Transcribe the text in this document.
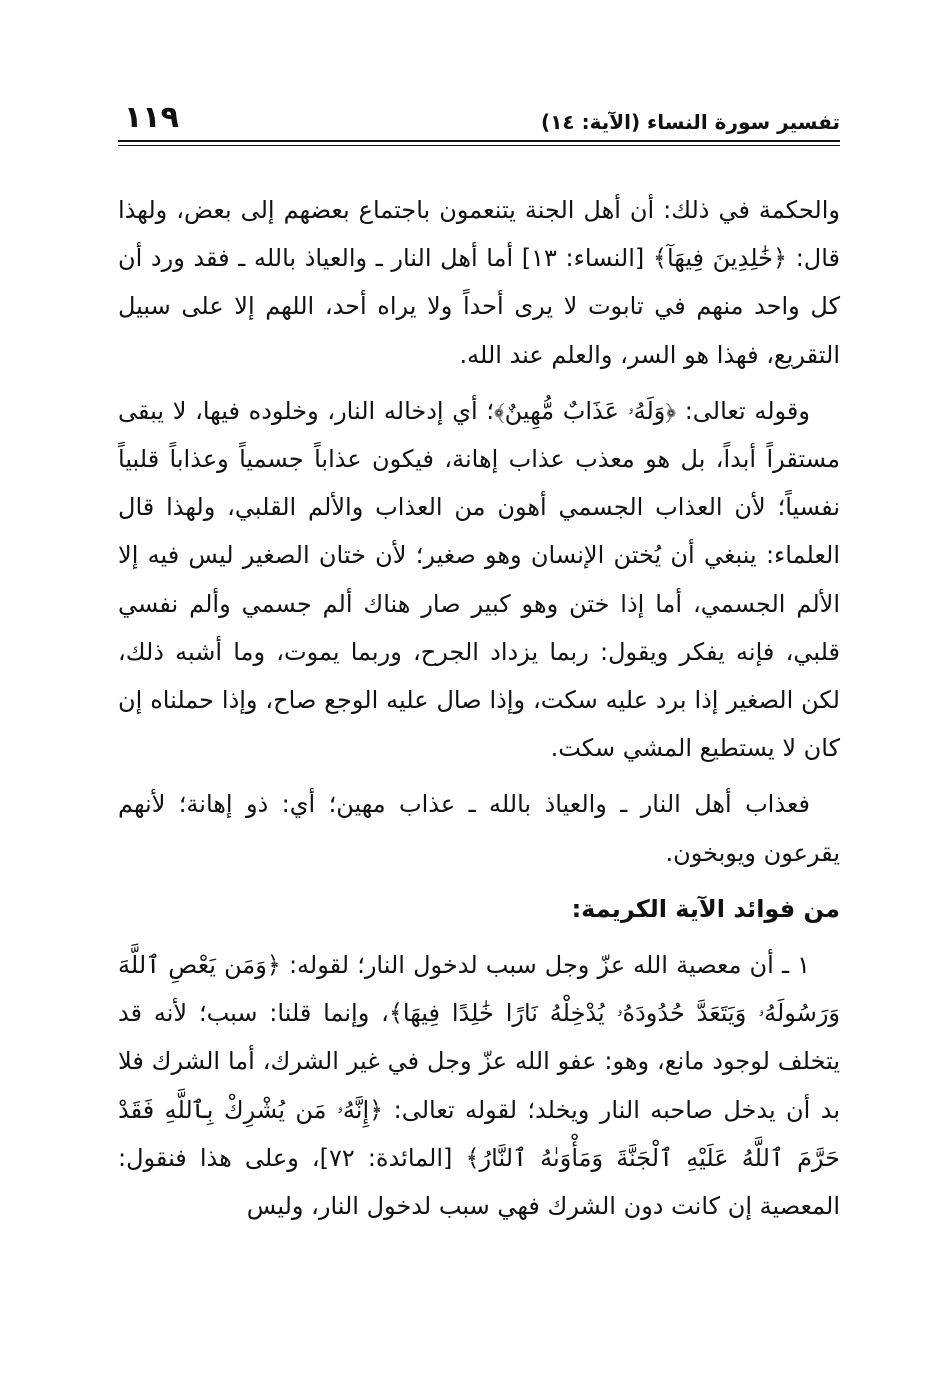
تفسير سورة النساء (الآية: ١٤)
١١٩

والحكمة في ذلك: أن أهل الجنة يتنعمون باجتماع بعضهم إلى بعض، ولهذا قال: ﴿خَٰلِدِينَ فِيهَآ﴾ [النساء: ١٣] أما أهل النار ـ والعياذ بالله ـ فقد ورد أن كل واحد منهم في تابوت لا يرى أحداً ولا يراه أحد، اللهم إلا على سبيل التقريع، فهذا هو السر، والعلم عند الله.

وقوله تعالى: ﴿وَلَهُۥ عَذَابٌ مُّهِينٌ﴾؛ أي إدخاله النار، وخلوده فيها، لا يبقى مستقراً أبداً، بل هو معذب عذاب إهانة، فيكون عذاباً جسمياً وعذاباً قلبياً نفسياً؛ لأن العذاب الجسمي أهون من العذاب والألم القلبي، ولهذا قال العلماء: ينبغي أن يُختن الإنسان وهو صغير؛ لأن ختان الصغير ليس فيه إلا الألم الجسمي، أما إذا ختن وهو كبير صار هناك ألم جسمي وألم نفسي قلبي، فإنه يفكر ويقول: ربما يزداد الجرح، وربما يموت، وما أشبه ذلك، لكن الصغير إذا برد عليه سكت، وإذا صال عليه الوجع صاح، وإذا حملناه إن كان لا يستطيع المشي سكت.

فعذاب أهل النار ـ والعياذ بالله ـ عذاب مهين؛ أي: ذو إهانة؛ لأنهم يقرعون ويوبخون.

من فوائد الآية الكريمة:

١ ـ أن معصية الله عزّ وجل سبب لدخول النار؛ لقوله: ﴿وَمَن يَعْصِ ٱللَّهَ وَرَسُولَهُۥ وَيَتَعَدَّ حُدُودَهُۥ يُدْخِلْهُ نَارًا خَٰلِدًا فِيهَا﴾، وإنما قلنا: سبب؛ لأنه قد يتخلف لوجود مانع، وهو: عفو الله عزّ وجل في غير الشرك، أما الشرك فلا بد أن يدخل صاحبه النار ويخلد؛ لقوله تعالى: ﴿إِنَّهُۥ مَن يُشْرِكْ بِٱللَّهِ فَقَدْ حَرَّمَ ٱللَّهُ عَلَيْهِ ٱلْجَنَّةَ وَمَأْوَىٰهُ ٱلنَّارُ﴾ [المائدة: ٧٢]، وعلى هذا فنقول: المعصية إن كانت دون الشرك فهي سبب لدخول النار، وليس
